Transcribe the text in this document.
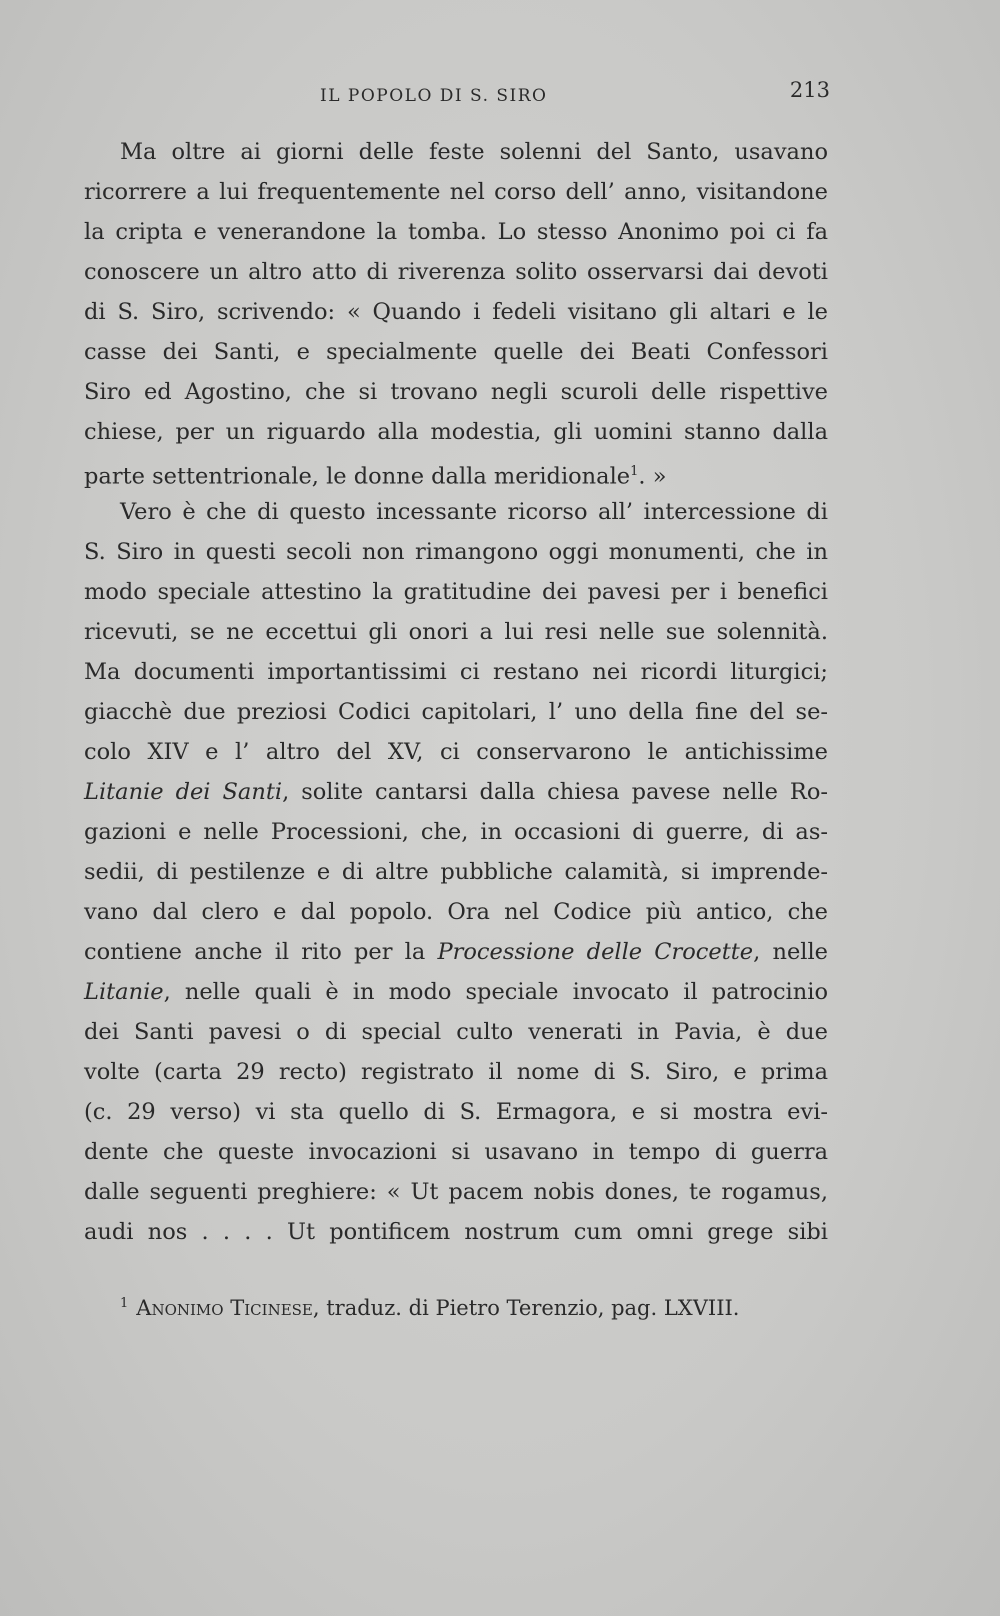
IL POPOLO DI S. SIRO	213
Ma oltre ai giorni delle feste solenni del Santo, usavano
ricorrere a lui frequentemente nel corso dell’ anno, visitandone
la cripta e venerandone la tomba. Lo stesso Anonimo poi ci fa
conoscere un altro atto di riverenza solito osservarsi dai devoti
di S. Siro, scrivendo: « Quando i fedeli visitano gli altari e le
casse dei Santi, e specialmente quelle dei Beati Confessori
Siro ed Agostino, che si trovano negli scuroli delle rispettive
chiese, per un riguardo alla modestia, gli uomini stanno dalla
parte settentrionale, le donne dalla meridionale$^1$. »
Vero è che di questo incessante ricorso all’ intercessione di
S. Siro in questi secoli non rimangono oggi monumenti, che in
modo speciale attestino la gratitudine dei pavesi per i benefici
ricevuti, se ne eccettui gli onori a lui resi nelle sue solennità.
Ma documenti importantissimi ci restano nei ricordi liturgici;
giacchè due preziosi Codici capitolari, l’ uno della fine del se-
colo XIV e l’ altro del XV, ci conservarono le antichissime
Litanie dei Santi, solite cantarsi dalla chiesa pavese nelle Ro-
gazioni e nelle Processioni, che, in occasioni di guerre, di as-
sedii, di pestilenze e di altre pubbliche calamità, si imprende-
vano dal clero e dal popolo. Ora nel Codice più antico, che
contiene anche il rito per la Processione delle Crocette, nelle
Litanie, nelle quali è in modo speciale invocato il patrocinio
dei Santi pavesi o di special culto venerati in Pavia, è due
volte (carta 29 recto) registrato il nome di S. Siro, e prima
(c. 29 verso) vi sta quello di S. Ermagora, e si mostra evi-
dente che queste invocazioni si usavano in tempo di guerra
dalle seguenti preghiere: « Ut pacem nobis dones, te rogamus,
audi nos . . . . Ut pontificem nostrum cum omni grege sibi
$^1$ Anonimo Ticinese, traduz. di Pietro Terenzio, pag. LXVIII.
